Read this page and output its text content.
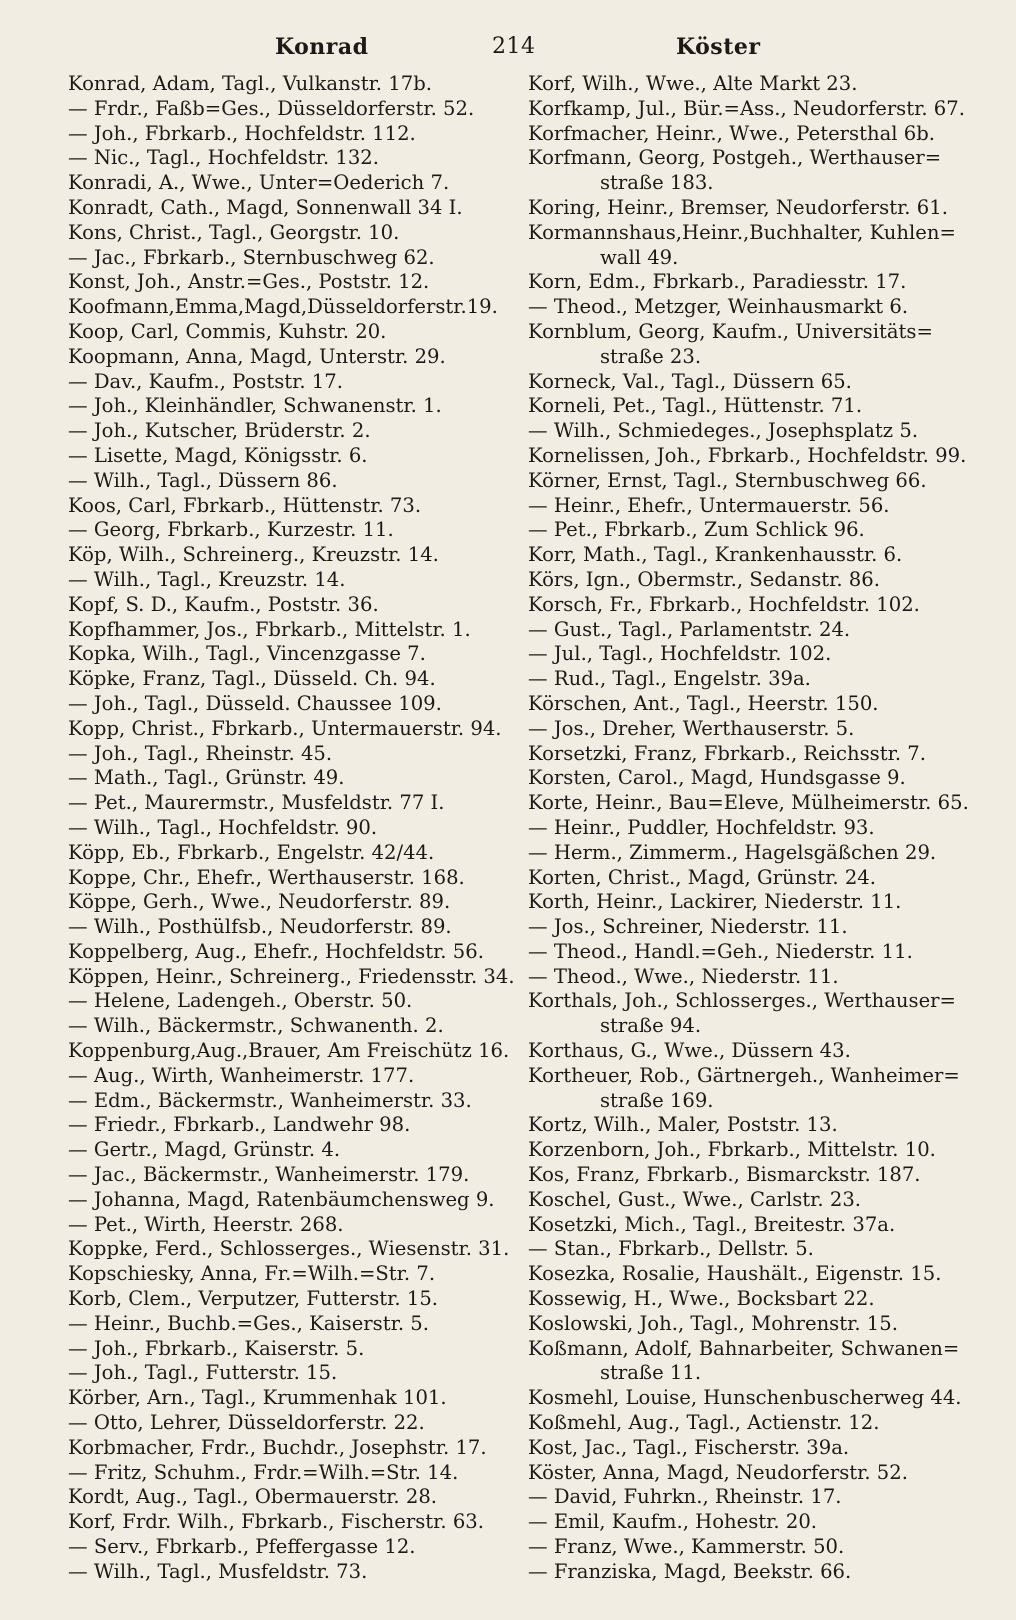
Konrad	214	Köster
Konrad, Adam, Tagl., Vulkanstr. 17b.
— Frdr., Faßb=Ges., Düsseldorferstr. 52.
— Joh., Fbrkarb., Hochfeldstr. 112.
— Nic., Tagl., Hochfeldstr. 132.
Konradi, A., Wwe., Unter=Oederich 7.
Konradt, Cath., Magd, Sonnenwall 34 I.
Kons, Christ., Tagl., Georgstr. 10.
— Jac., Fbrkarb., Sternbuschweg 62.
Konst, Joh., Anstr.=Ges., Poststr. 12.
Koofmann,Emma,Magd,Düsseldorferstr.19.
Koop, Carl, Commis, Kuhstr. 20.
Koopmann, Anna, Magd, Unterstr. 29.
— Dav., Kaufm., Poststr. 17.
— Joh., Kleinhändler, Schwanenstr. 1.
— Joh., Kutscher, Brüderstr. 2.
— Lisette, Magd, Königsstr. 6.
— Wilh., Tagl., Düssern 86.
Koos, Carl, Fbrkarb., Hüttenstr. 73.
— Georg, Fbrkarb., Kurzestr. 11.
Köp, Wilh., Schreinerg., Kreuzstr. 14.
— Wilh., Tagl., Kreuzstr. 14.
Kopf, S. D., Kaufm., Poststr. 36.
Kopfhammer, Jos., Fbrkarb., Mittelstr. 1.
Kopka, Wilh., Tagl., Vincenzgasse 7.
Köpke, Franz, Tagl., Düsseld. Ch. 94.
— Joh., Tagl., Düsseld. Chaussee 109.
Kopp, Christ., Fbrkarb., Untermauerstr. 94.
— Joh., Tagl., Rheinstr. 45.
— Math., Tagl., Grünstr. 49.
— Pet., Maurermstr., Musfeldstr. 77 I.
— Wilh., Tagl., Hochfeldstr. 90.
Köpp, Eb., Fbrkarb., Engelstr. 42/44.
Koppe, Chr., Ehefr., Werthauserstr. 168.
Köppe, Gerh., Wwe., Neudorferstr. 89.
— Wilh., Posthülfsb., Neudorferstr. 89.
Koppelberg, Aug., Ehefr., Hochfeldstr. 56.
Köppen, Heinr., Schreinerg., Friedensstr. 34.
— Helene, Ladengeh., Oberstr. 50.
— Wilh., Bäckermstr., Schwanenth. 2.
Koppenburg,Aug.,Brauer, Am Freischütz 16.
— Aug., Wirth, Wanheimerstr. 177.
— Edm., Bäckermstr., Wanheimerstr. 33.
— Friedr., Fbrkarb., Landwehr 98.
— Gertr., Magd, Grünstr. 4.
— Jac., Bäckermstr., Wanheimerstr. 179.
— Johanna, Magd, Ratenbäumchensweg 9.
— Pet., Wirth, Heerstr. 268.
Koppke, Ferd., Schlosserges., Wiesenstr. 31.
Kopschiesky, Anna, Fr.=Wilh.=Str. 7.
Korb, Clem., Verputzer, Futterstr. 15.
— Heinr., Buchb.=Ges., Kaiserstr. 5.
— Joh., Fbrkarb., Kaiserstr. 5.
— Joh., Tagl., Futterstr. 15.
Körber, Arn., Tagl., Krummenhak 101.
— Otto, Lehrer, Düsseldorferstr. 22.
Korbmacher, Frdr., Buchdr., Josephstr. 17.
— Fritz, Schuhm., Frdr.=Wilh.=Str. 14.
Kordt, Aug., Tagl., Obermauerstr. 28.
Korf, Frdr. Wilh., Fbrkarb., Fischerstr. 63.
— Serv., Fbrkarb., Pfeffergasse 12.
— Wilh., Tagl., Musfeldstr. 73.
Korf, Wilh., Wwe., Alte Markt 23.
Korfkamp, Jul., Bür.=Ass., Neudorferstr. 67.
Korfmacher, Heinr., Wwe., Petersthal 6b.
Korfmann, Georg, Postgeh., Werthauser=
straße 183.
Koring, Heinr., Bremser, Neudorferstr. 61.
Kormannshaus,Heinr.,Buchhalter, Kuhlen=
wall 49.
Korn, Edm., Fbrkarb., Paradiesstr. 17.
— Theod., Metzger, Weinhausmarkt 6.
Kornblum, Georg, Kaufm., Universitäts=
straße 23.
Korneck, Val., Tagl., Düssern 65.
Korneli, Pet., Tagl., Hüttenstr. 71.
— Wilh., Schmiedeges., Josephsplatz 5.
Kornelissen, Joh., Fbrkarb., Hochfeldstr. 99.
Körner, Ernst, Tagl., Sternbuschweg 66.
— Heinr., Ehefr., Untermauerstr. 56.
— Pet., Fbrkarb., Zum Schlick 96.
Korr, Math., Tagl., Krankenhausstr. 6.
Körs, Ign., Obermstr., Sedanstr. 86.
Korsch, Fr., Fbrkarb., Hochfeldstr. 102.
— Gust., Tagl., Parlamentstr. 24.
— Jul., Tagl., Hochfeldstr. 102.
— Rud., Tagl., Engelstr. 39a.
Körschen, Ant., Tagl., Heerstr. 150.
— Jos., Dreher, Werthauserstr. 5.
Korsetzki, Franz, Fbrkarb., Reichsstr. 7.
Korsten, Carol., Magd, Hundsgasse 9.
Korte, Heinr., Bau=Eleve, Mülheimerstr. 65.
— Heinr., Puddler, Hochfeldstr. 93.
— Herm., Zimmerm., Hagelsgäßchen 29.
Korten, Christ., Magd, Grünstr. 24.
Korth, Heinr., Lackirer, Niederstr. 11.
— Jos., Schreiner, Niederstr. 11.
— Theod., Handl.=Geh., Niederstr. 11.
— Theod., Wwe., Niederstr. 11.
Korthals, Joh., Schlosserges., Werthauser=
straße 94.
Korthaus, G., Wwe., Düssern 43.
Kortheuer, Rob., Gärtnergeh., Wanheimer=
straße 169.
Kortz, Wilh., Maler, Poststr. 13.
Korzenborn, Joh., Fbrkarb., Mittelstr. 10.
Kos, Franz, Fbrkarb., Bismarckstr. 187.
Koschel, Gust., Wwe., Carlstr. 23.
Kosetzki, Mich., Tagl., Breitestr. 37a.
— Stan., Fbrkarb., Dellstr. 5.
Kosezka, Rosalie, Haushält., Eigenstr. 15.
Kossewig, H., Wwe., Bocksbart 22.
Koslowski, Joh., Tagl., Mohrenstr. 15.
Koßmann, Adolf, Bahnarbeiter, Schwanen=
straße 11.
Kosmehl, Louise, Hunschenbuscherweg 44.
Koßmehl, Aug., Tagl., Actienstr. 12.
Kost, Jac., Tagl., Fischerstr. 39a.
Köster, Anna, Magd, Neudorferstr. 52.
— David, Fuhrkn., Rheinstr. 17.
— Emil, Kaufm., Hohestr. 20.
— Franz, Wwe., Kammerstr. 50.
— Franziska, Magd, Beekstr. 66.
